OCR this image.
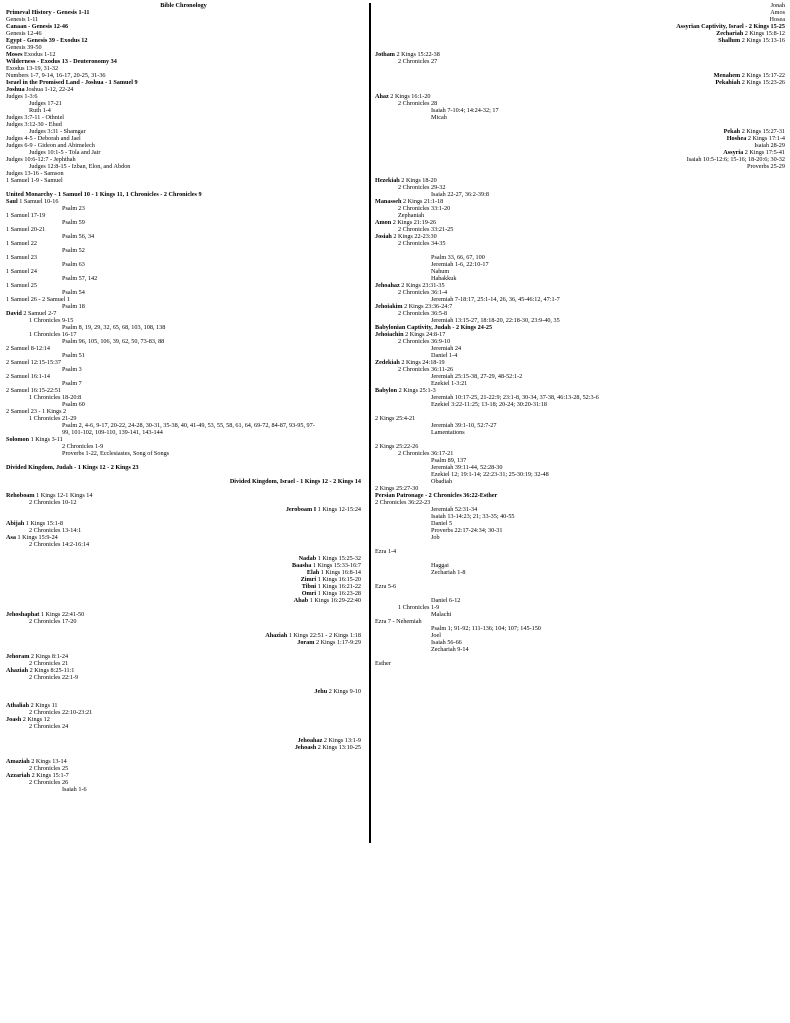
Bible Chronology
Primeval History - Genesis 1-11
Genesis 1-11
Canaan - Genesis 12-46
Genesis 12-46
Egypt - Genesis 39 - Exodus 12
Genesis 39-50
Moses Exodus 1-12
Wilderness - Exodus 13 - Deuteronomy 34
Exodus 13-19, 31-32
Numbers 1-7, 9-14, 16-17, 20-25, 31-36
Israel in the Promised Land - Joshua - 1 Samuel 9
Joshua Joshua 1-12, 22-24
Judges 1-3:6
Judges 17-21
Ruth 1-4
Judges 3:7-11 - Othniel
Judges 3:12-30 - Ehud
Judges 3:31 - Shamgar
Judges 4-5 - Deborah and Jael
Judges 6-9 - Gideon and Abimelech
Judges 10:1-5 - Tola and Jair
Judges 10:6-12:7 - Jephthah
Judges 12:8-15 - Izban, Elon, and Abdon
Judges 13-16 - Samson
1 Samuel 1-9 - Samuel
United Monarchy - 1 Samuel 10 - 1 Kings 11, 1 Chronicles - 2 Chronicles 9
Saul 1 Samuel 10-16
Psalm 23
1 Samuel 17-19
Psalm 59
1 Samuel 20-21
Psalm 56, 34
1 Samuel 22
Psalm 52
1 Samuel 23
Psalm 63
1 Samuel 24
Psalm 57, 142
1 Samuel 25
Psalm 54
1 Samuel 26 - 2 Samuel 1
Psalm 18
David 2 Samuel 2-7
1 Chronicles 9-15
Psalm 8, 19, 29, 32, 65, 68, 103, 108, 138
1 Chronicles 16-17
Psalm 96, 105, 106, 39, 62, 50, 73-83, 88
2 Samuel 8-12:14
Psalm 51
2 Samuel 12:15-15:37
Psalm 3
2 Samuel 16:1-14
Psalm 7
2 Samuel 16:15-22:51
1 Chronicles 18-20:8
Psalm 60
2 Samuel 23 - 1 Kings 2
1 Chronicles 21-29
Psalm 2, 4-6, 9-17, 20-22, 24-28, 30-31, 35-38, 40, 41-49, 53, 55, 58, 61, 64, 69-72, 84-87, 93-95, 97-99, 101-102, 109-110, 139-141, 143-144
Solomon 1 Kings 3-11
2 Chronicles 1-9
Proverbs 1-22, Ecclesiastes, Song of Songs
Divided Kingdom, Judah - 1 Kings 12 - 2 Kings 23
Divided Kingdom, Israel - 1 Kings 12 - 2 Kings 14
Rehoboam 1 Kings 12-1 Kings 14
2 Chronicles 10-12
Jeroboam I 1 Kings 12-15:24
Abijah 1 Kings 15:1-8
2 Chronicles 13-14:1
Asa 1 Kings 15:9-24
2 Chronicles 14:2-16:14
Nadab 1 Kings 15:25-32
Baasha 1 Kings 15:33-16:7
Elah 1 Kings 16:8-14
Zimri 1 Kings 16:15-20
Tibni 1 Kings 16:21-22
Omri 1 Kings 16:23-28
Ahab 1 Kings 16:29-22:40
Jehoshaphat 1 Kings 22:41-50
2 Chronicles 17-20
Ahaziah 1 Kings 22:51 - 2 Kings 1:18
Joram 2 Kings 1:17-9:29
Jehoram 2 Kings 8:1-24
2 Chronicles 21
Ahaziah 2 Kings 8:25-11:1
2 Chronicles 22:1-9
Jehu 2 Kings 9-10
Athaliah 2 Kings 11
2 Chronicles 22:10-23:21
Joash 2 Kings 12
2 Chronicles 24
Jehoahaz 2 Kings 13:1-9
Jehoash 2 Kings 13:10-25
Amaziah 2 Kings 13-14
2 Chronicles 25
Azzariah 2 Kings 15:1-7
2 Chronicles 26
Isaiah 1-6
Jonah
Amos
Hosea
Assyrian Captivity, Israel - 2 Kings 15-25
Zechariah 2 Kings 15:8-12
Shallum 2 Kings 15:13-16
Jotham 2 Kings 15:22-38
2 Chronicles 27
Menahem 2 Kings 15:17-22
Pekahiah 2 Kings 15:23-26
Ahaz 2 Kings 16:1-20
2 Chronicles 28
Isaiah 7-10:4; 14:24-32; 17
Micah
Pekah 2 Kings 15:27-31
Hoshea 2 Kings 17:1-4
Isaiah 28-29
Assyria 2 Kings 17:5-41
Isaiah 10:5-12:6; 15-16; 18-20:6; 30-32
Proverbs 25-29
Hezekiah 2 Kings 18-20
2 Chronicles 29-32
Isaiah 22-27, 36:2-39:8
Manasseh 2 Kings 21:1-18
2 Chronicles 33:1-20
Zephaniah
Amon 2 Kings 21:19-26
2 Chronicles 33:21-25
Josiah 2 Kings 22-23:30
2 Chronicles 34-35
Psalm 33, 66, 67, 100
Jeremiah 1-6, 22:10-17
Nahum
Habakkuk
Jehoahaz 2 Kings 23:31-35
2 Chronicles 36:1-4
Jeremiah 7-18:17, 25:1-14, 26, 36, 45-46:12, 47:1-7
Jehoiakim 2 Kings 23:36-24:7
2 Chronicles 36:5-8
Jeremiah 13:15-27, 18:18-20, 22:18-30, 23:9-40, 35
Babylonian Captivity, Judah - 2 Kings 24-25
Jehoiachin 2 Kings 24:8-17
2 Chronicles 36:9-10
Jeremiah 24
Daniel 1-4
Zedekiah 2 Kings 24:18-19
2 Chronicles 36:11-26
Jeremiah 25:15-38, 27-29, 48-52:1-2
Ezekiel 1-3:21
Babylon 2 Kings 25:1-3
Jeremiah 10:17-25, 21-22:9; 23:1-8, 30-34, 37-38, 46:13-28, 52:3-6
Ezekiel 3:22-11:25; 13-18; 20-24; 30:20-31:18
2 Kings 25:4-21
Jeremiah 39:1-10, 52:7-27
Lamentations
2 Kings 25:22-26
2 Chronicles 36:17-21
Psalm 89, 137
Jeremiah 39:11-44, 52:28-30
Ezekiel 12; 19:1-14; 22:23-31; 25-30:19; 32-48
Obadiah
2 Kings 25:27-30
Persian Patronage - 2 Chronicles 36:22-Esther
2 Chronicles 36:22-23
Jeremiah 52:31-34
Isaiah 13-14:23; 21; 33-35; 40-55
Daniel 5
Proverbs 22:17-24:34; 30-31
Job
Ezra 1-4
Haggai
Zechariah 1-8
Ezra 5-6
Daniel 6-12
1 Chronicles 1-9
Malachi
Ezra 7 - Nehemiah
Psalm 1; 91-92; 111-136; 104; 107; 145-150
Joel
Isaiah 56-66
Zechariah 9-14
Esther
